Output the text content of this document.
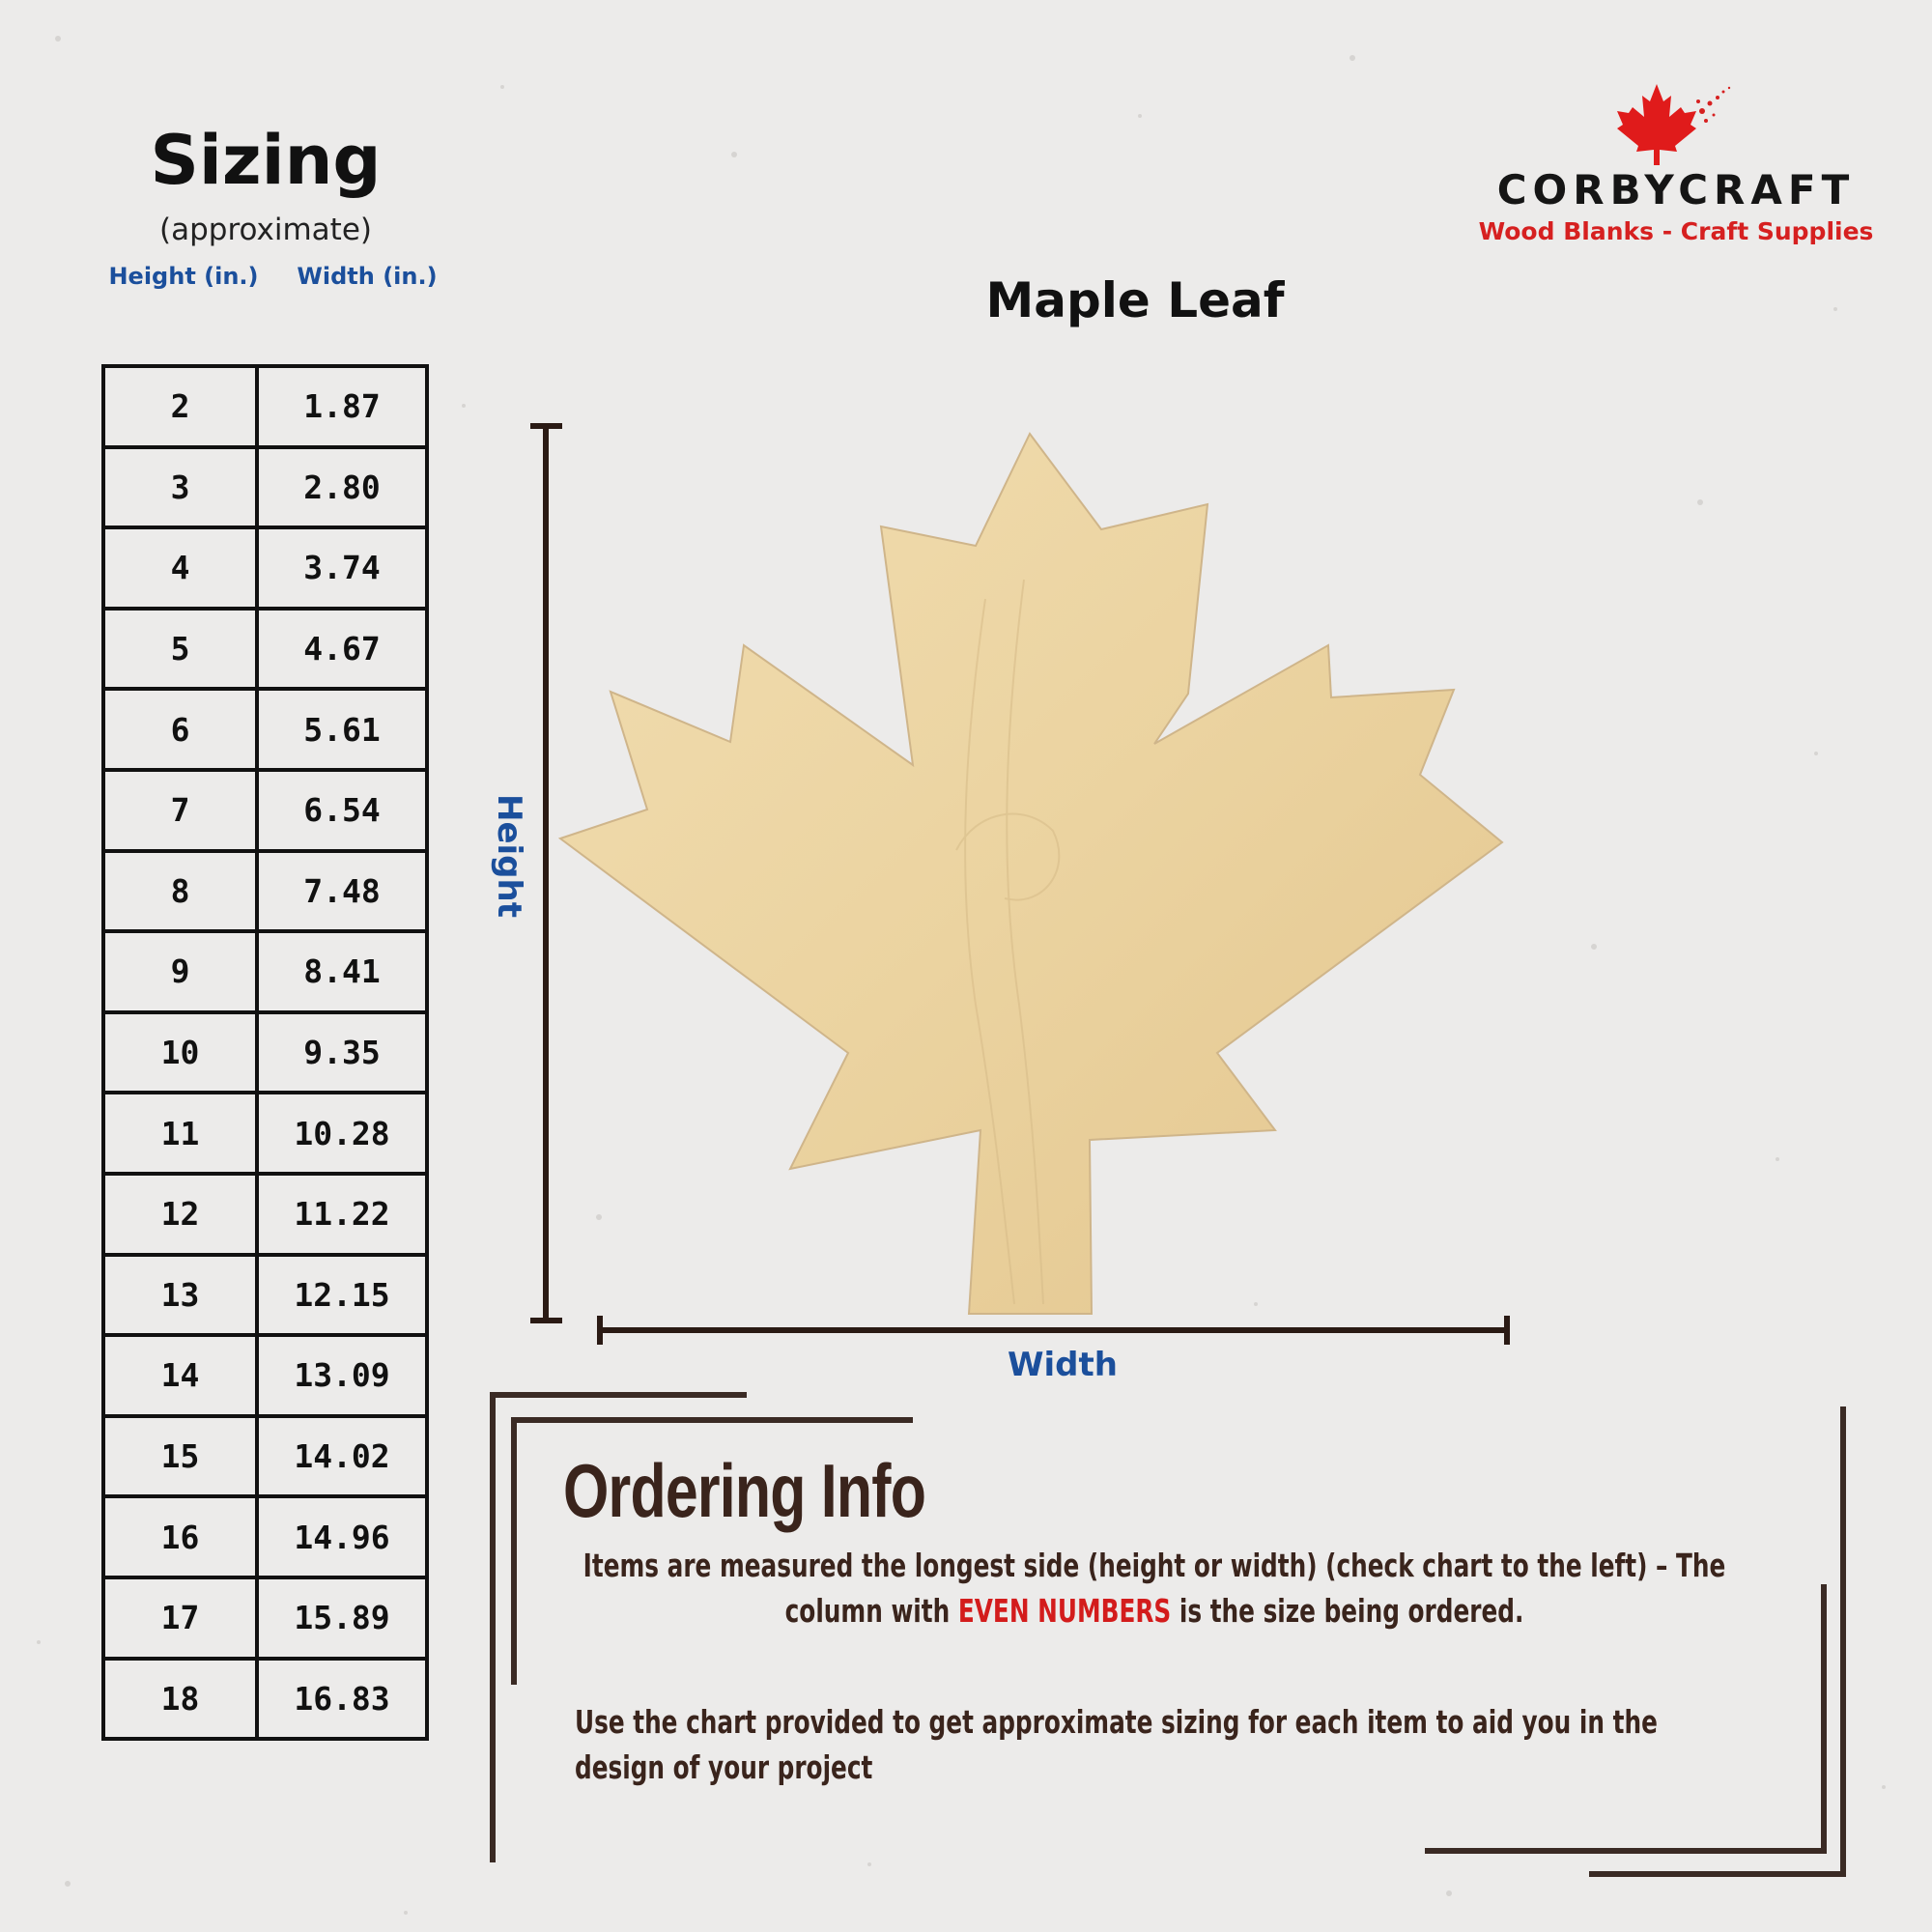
Sizing
(approximate)
Height (in.)	Width (in.)
2	1.87
3	2.80
4	3.74
5	4.67
6	5.61
7	6.54
8	7.48
9	8.41
10	9.35
11	10.28
12	11.22
13	12.15
14	13.09
15	14.02
16	14.96
17	15.89
18	16.83
CORBYCRAFT
Wood Blanks - Craft Supplies
Maple Leaf
Height
Width
Ordering Info
Items are measured the longest side (height or width) (check chart to the left) – The column with EVEN NUMBERS is the size being ordered.
Use the chart provided to get approximate sizing for each item to aid you in the design of your project
